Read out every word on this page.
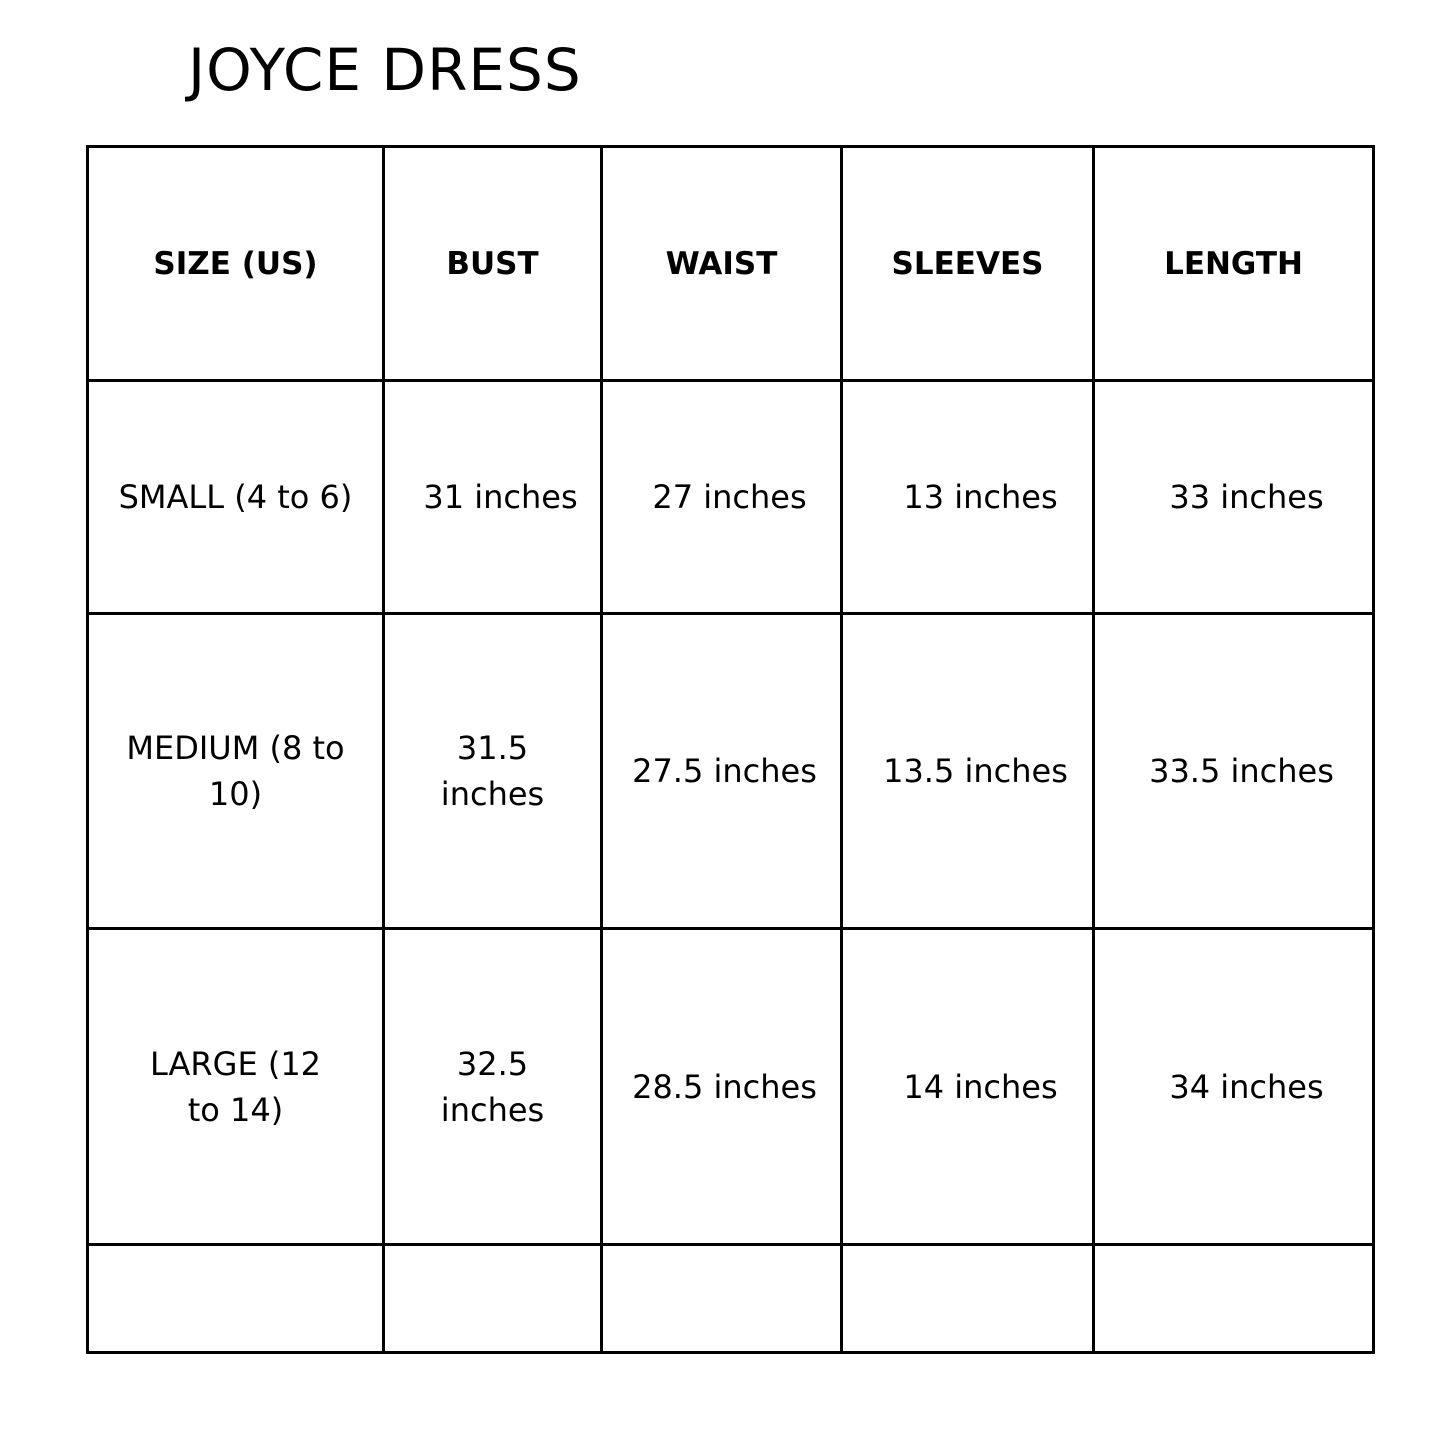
JOYCE DRESS
SIZE (US)	BUST	WAIST	SLEEVES	LENGTH
SMALL (4 to 6)	31 inches	27 inches	13 inches	33 inches
MEDIUM (8 to 10)	31.5 inches	27.5 inches	13.5 inches	33.5 inches
LARGE (12 to 14)	32.5 inches	28.5 inches	14 inches	34 inches
